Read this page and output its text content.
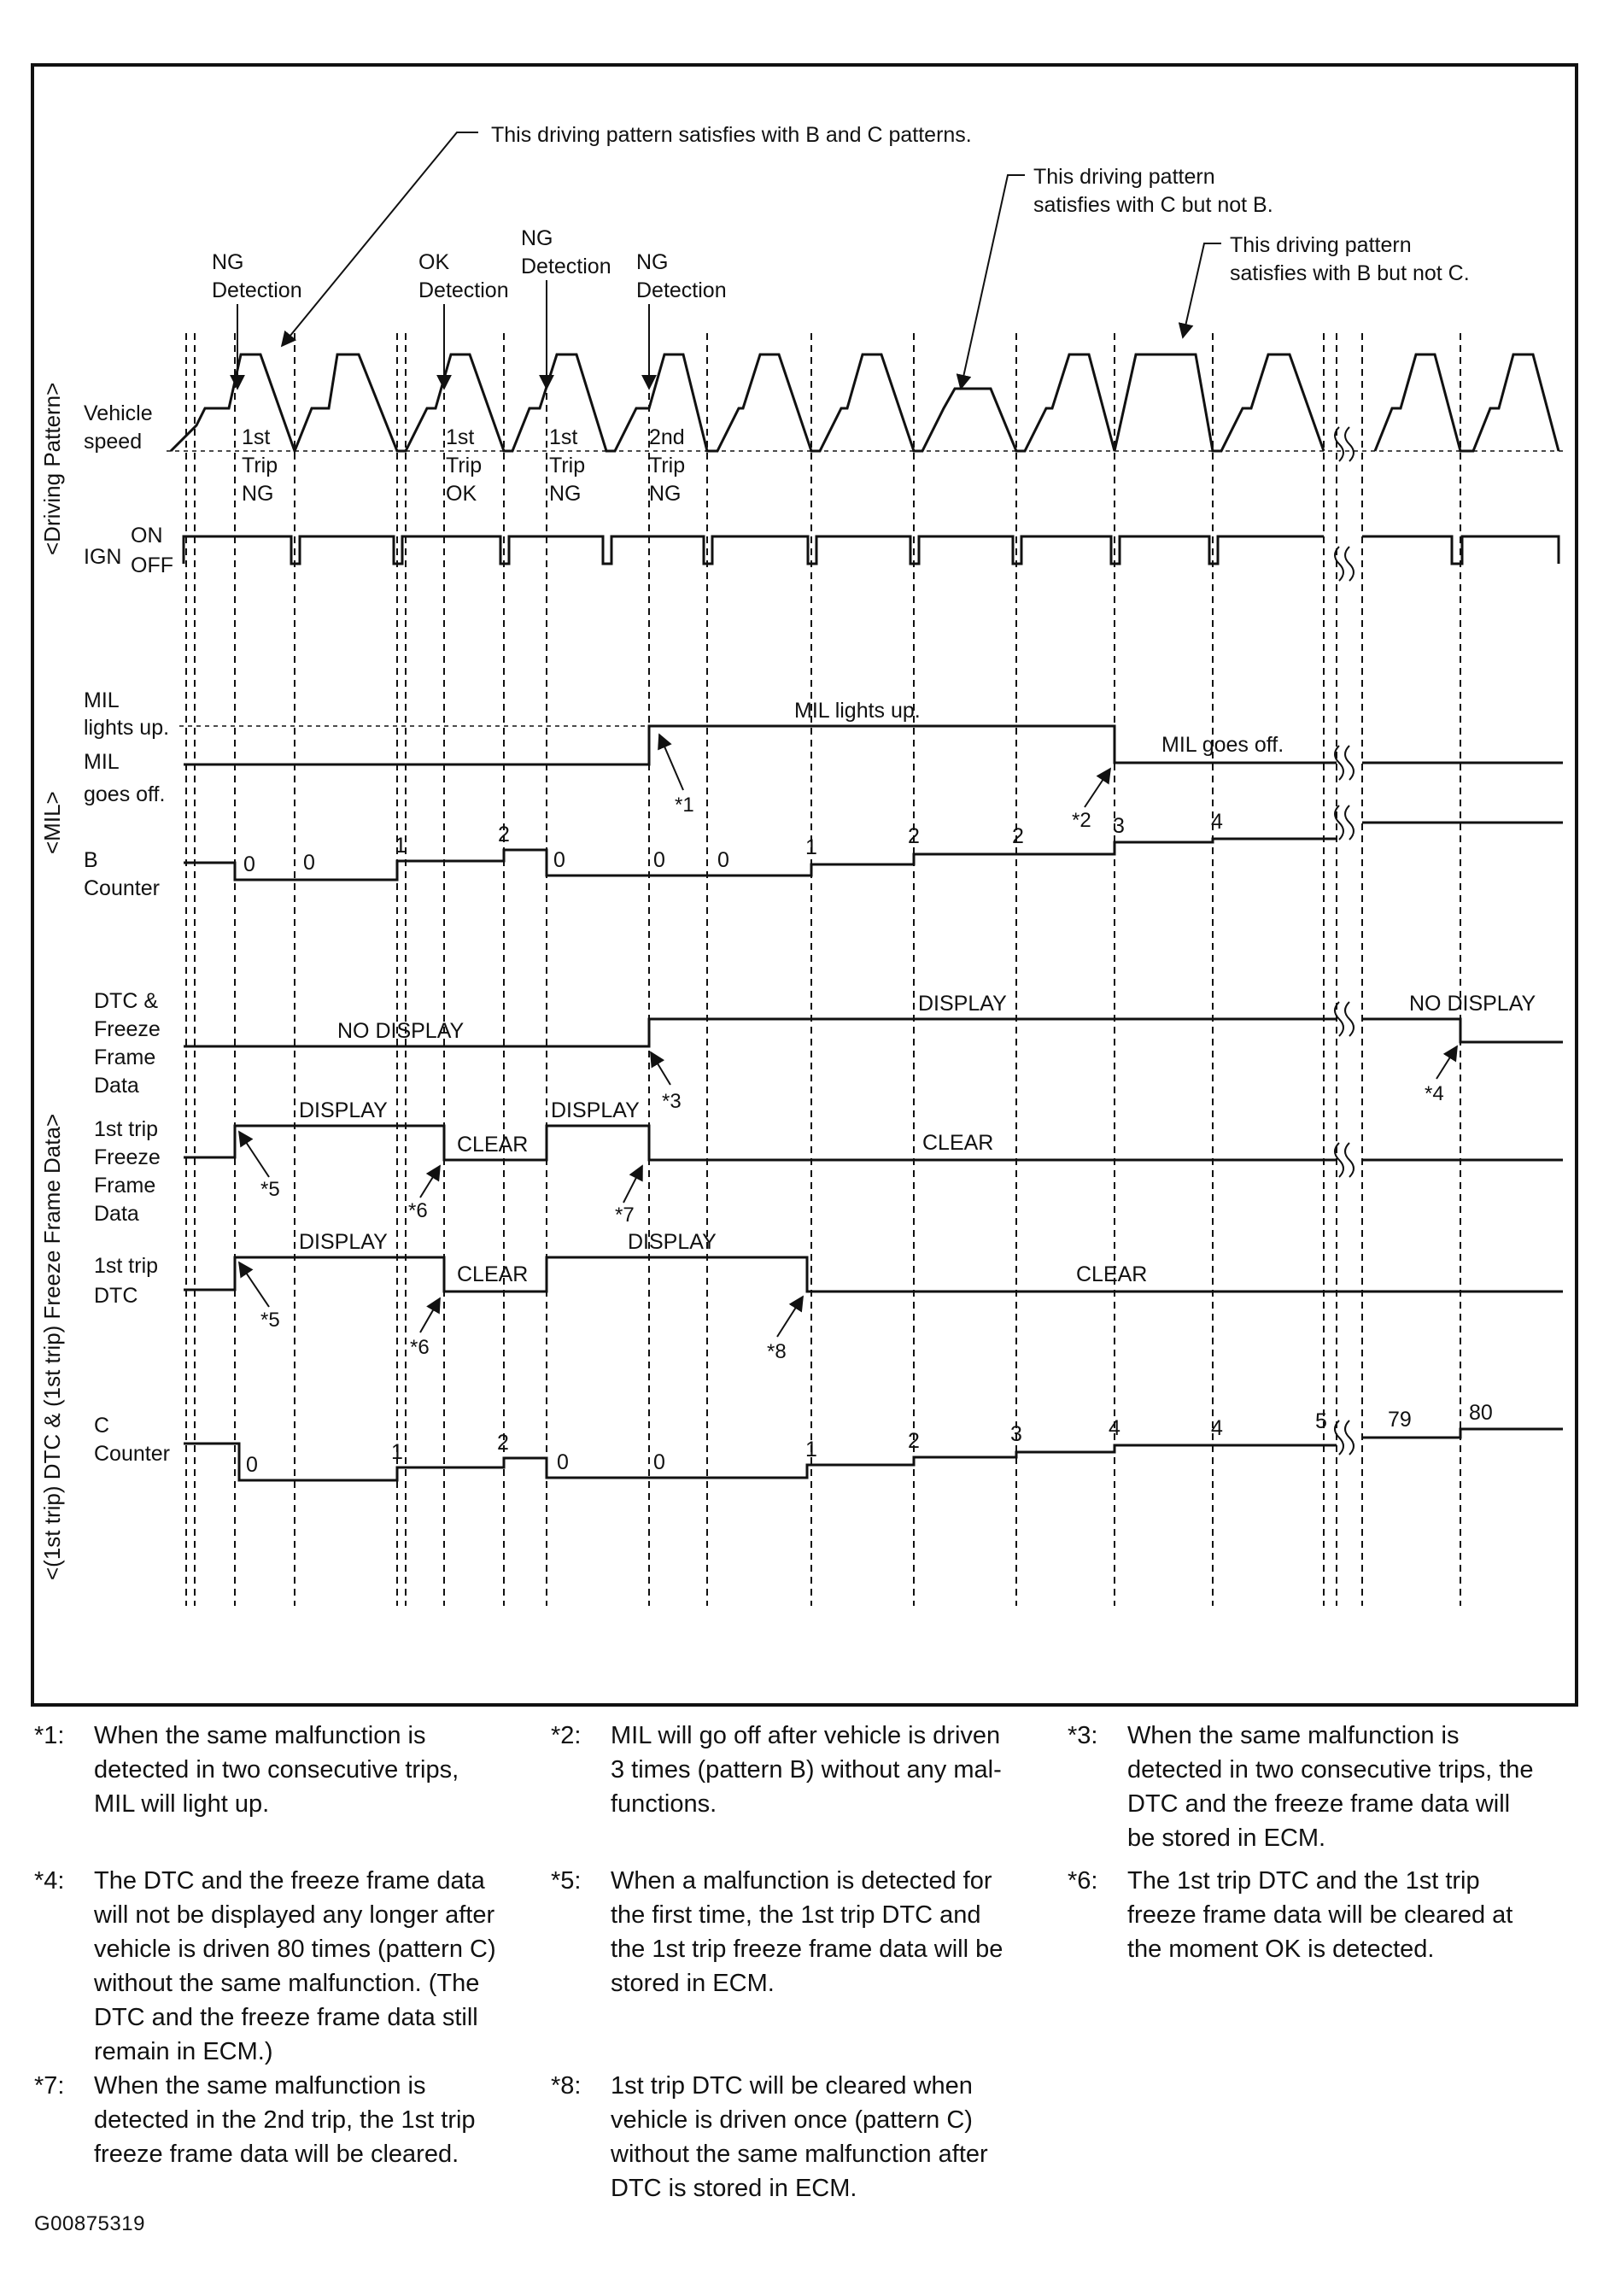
This driving pattern satisfies with B and C patterns.
This driving pattern
satisfies with C but not B.
This driving pattern
satisfies with B but not C.
NG
Detection
OK
Detection
NG
Detection NG
Detection
<Driving Pattern>
<MIL>
<(1st trip) DTC & (1st trip) Freeze Frame Data>
Vehicle
speed
IGN
ON
OFF
MIL
lights up.
MIL
goes off.
B
Counter
DTC &
Freeze
Frame
Data
1st trip
Freeze
Frame
Data
1st trip
DTC
C
Counter
1st
Trip
NG
1st
Trip
OK
1st
Trip
NG
2nd
Trip
NG
MIL lights up.
MIL goes off.
0 0
1	2
0	0 0
1	2	2	3	4
NO DISPLAY
DISPLAY	NO DISPLAY
DISPLAY
CLEAR
DISPLAY
CLEAR
DISPLAY
CLEAR
DISPLAY
CLEAR
0
1	2
0	0
1	2	3	4	4	5	79	80
*1
*2
*3	*4
*5
*6	*7
*5
*6	*8
*1: When the same malfunction is
detected in two consecutive trips,
MIL will light up.
*2: MIL will go off after vehicle is driven
3 times (pattern B) without any mal-
functions.
*3: When the same malfunction is
detected in two consecutive trips, the
DTC and the freeze frame data will
be stored in ECM.
*4: The DTC and the freeze frame data
will not be displayed any longer after
vehicle is driven 80 times (pattern C)
without the same malfunction. (The
DTC and the freeze frame data still
remain in ECM.)
*5: When a malfunction is detected for
the first time, the 1st trip DTC and
the 1st trip freeze frame data will be
stored in ECM.
*6: The 1st trip DTC and the 1st trip
freeze frame data will be cleared at
the moment OK is detected.
*7: When the same malfunction is
detected in the 2nd trip, the 1st trip
freeze frame data will be cleared.
*8: 1st trip DTC will be cleared when
vehicle is driven once (pattern C)
without the same malfunction after
DTC is stored in ECM.
G00875319
